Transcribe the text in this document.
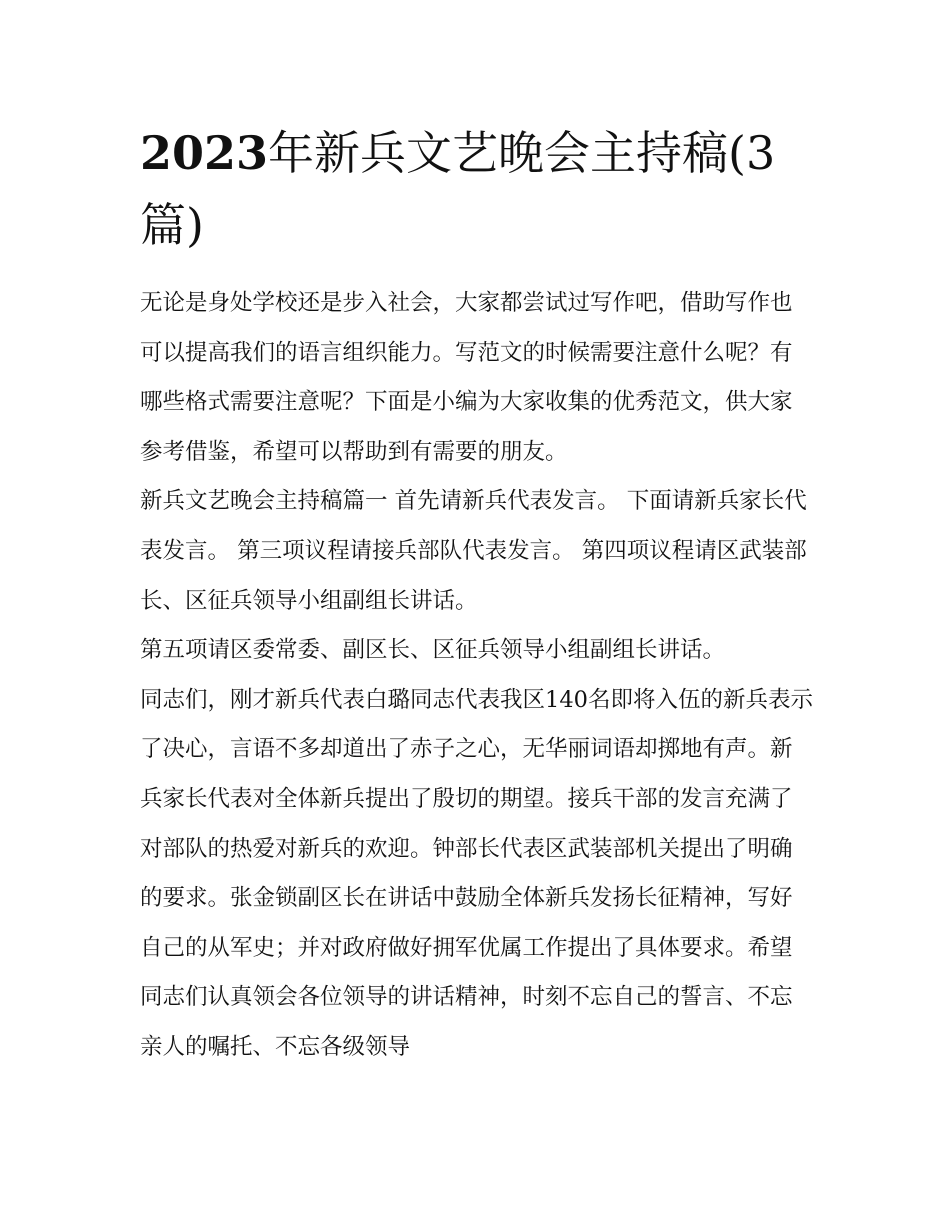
2023年新兵文艺晚会主持稿(3篇)

无论是身处学校还是步入社会，大家都尝试过写作吧，借助写作也可以提高我们的语言组织能力。写范文的时候需要注意什么呢？有哪些格式需要注意呢？下面是小编为大家收集的优秀范文，供大家参考借鉴，希望可以帮助到有需要的朋友。

新兵文艺晚会主持稿篇一 首先请新兵代表发言。 下面请新兵家长代表发言。 第三项议程请接兵部队代表发言。 第四项议程请区武装部长、区征兵领导小组副组长讲话。

第五项请区委常委、副区长、区征兵领导小组副组长讲话。

同志们，刚才新兵代表白璐同志代表我区140名即将入伍的新兵表示了决心，言语不多却道出了赤子之心，无华丽词语却掷地有声。新兵家长代表对全体新兵提出了殷切的期望。接兵干部的发言充满了对部队的热爱对新兵的欢迎。钟部长代表区武装部机关提出了明确的要求。张金锁副区长在讲话中鼓励全体新兵发扬长征精神，写好自己的从军史；并对政府做好拥军优属工作提出了具体要求。希望同志们认真领会各位领导的讲话精神，时刻不忘自己的誓言、不忘亲人的嘱托、不忘各级领导
